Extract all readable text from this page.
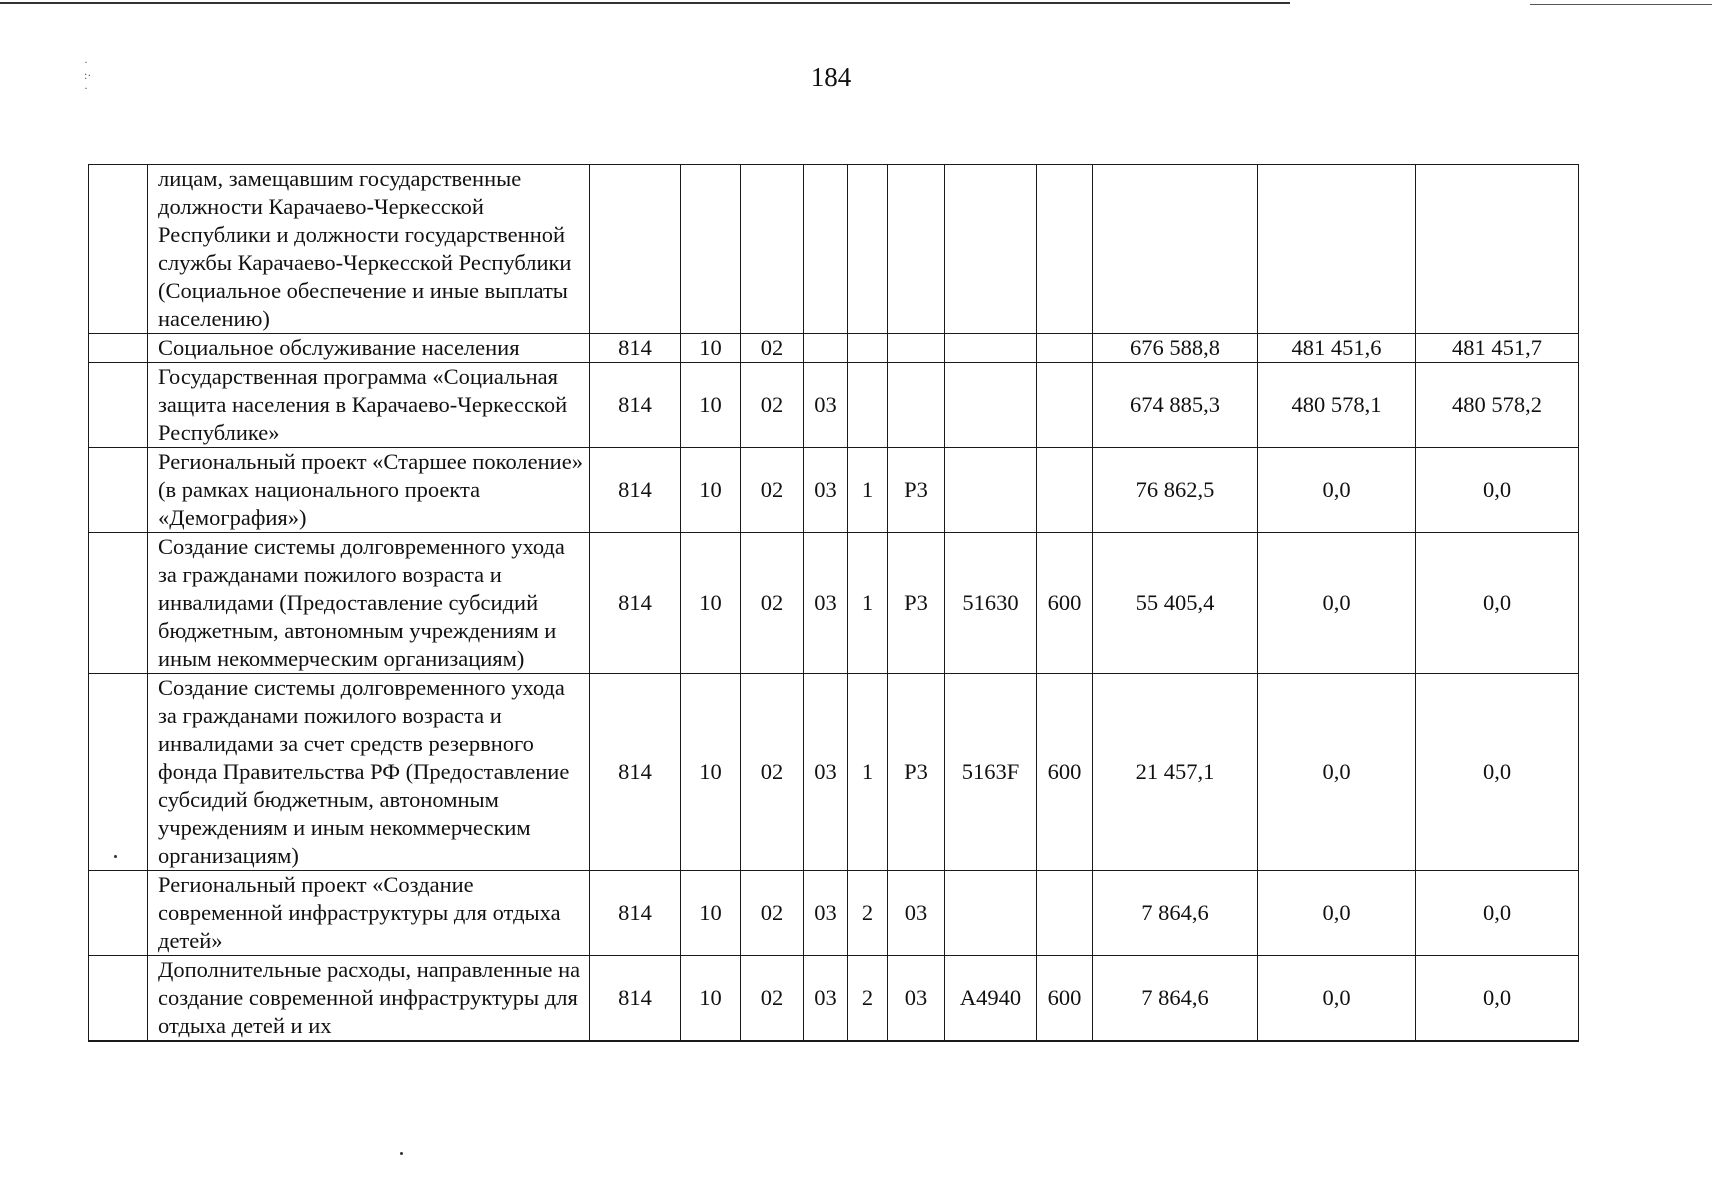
·
:·
·	184
	лицам, замещавшим государственные должности Карачаево-Черкесской Республики и должности государственной службы Карачаево-Черкесской Республики (Социальное обеспечение и иные выплаты населению)											
	Социальное обслуживание населения	814	10	02						676 588,8	481 451,6	481 451,7
	Государственная программа «Социальная защита населения в Карачаево-Черкесской Республике»	814	10	02	03					674 885,3	480 578,1	480 578,2
	Региональный проект «Старшее поколение» (в рамках национального проекта «Демография»)	814	10	02	03	1	P3			76 862,5	0,0	0,0
	Создание системы долговременного ухода за гражданами пожилого возраста и инвалидами (Предоставление субсидий бюджетным, автономным учреждениям и иным некоммерческим организациям)	814	10	02	03	1	P3	51630	600	55 405,4	0,0	0,0
	Создание системы долговременного ухода за гражданами пожилого возраста и инвалидами за счет средств резервного фонда Правительства РФ (Предоставление субсидий бюджетным, автономным учреждениям и иным некоммерческим организациям)	814	10	02	03	1	P3	5163F	600	21 457,1	0,0	0,0
	Региональный проект «Создание современной инфраструктуры для отдыха детей»	814	10	02	03	2	03			7 864,6	0,0	0,0
	Дополнительные расходы, направленные на создание современной инфраструктуры для отдыха детей и их	814	10	02	03	2	03	A4940	600	7 864,6	0,0	0,0
